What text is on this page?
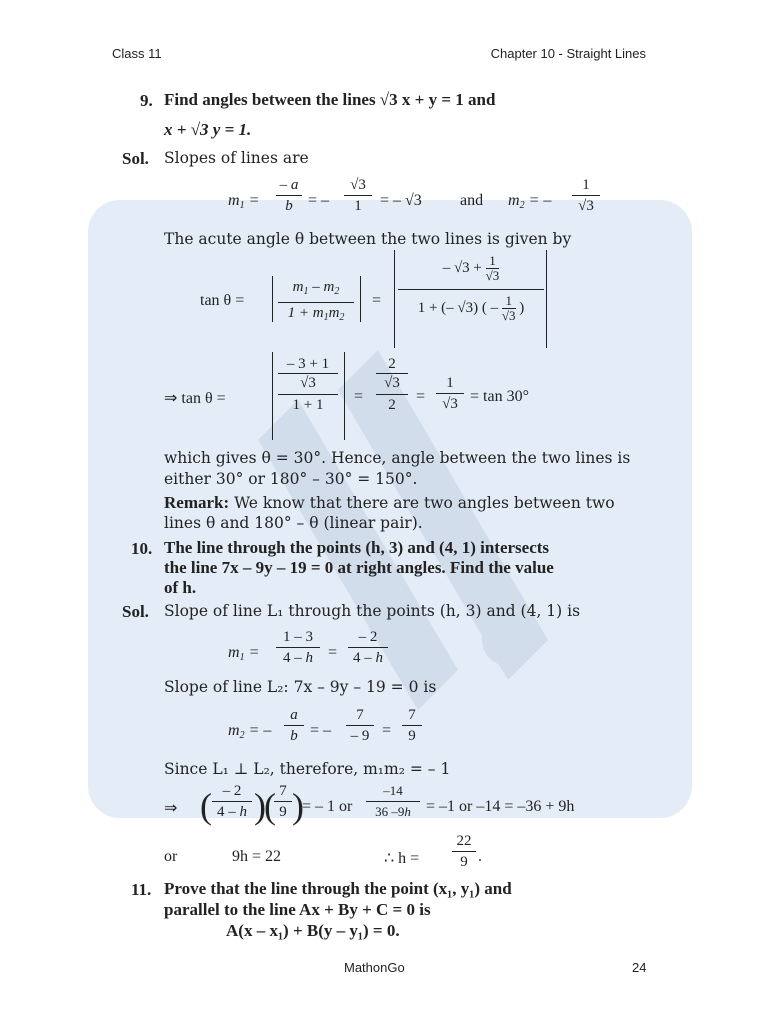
Class 11	Chapter 10 - Straight Lines
9. Find angles between the lines √3 x + y = 1 and
x + √3 y = 1.
Sol. Slopes of lines are
$m_1$ =
– a
b = –
√3
1	= – √3 and $m_2$ = –
1
√3
The acute angle θ between the two lines is given by
tan θ =
$m_1 - m_2$
$1 + m_1m_2$
=
– √3 + 1

√3
1 + (– √3) ( – 1

√3 )
⇒ tan θ =
– 3 + 1
√3
1 + 1	=
2
√3
2	=
1
√3 = tan 30°
which gives θ = 30°. Hence, angle between the two lines is
either 30° or 180° – 30° = 150°.
Remark: We know that there are two angles between two
lines θ and 180° – θ (linear pair).
10. The line through the points (h, 3) and (4, 1) intersects
the line 7x – 9y – 19 = 0 at right angles. Find the value
of h.
Sol. Slope of line L₁ through the points (h, 3) and (4, 1) is
$m_1$ =
1 – 3
4 – h =
– 2
4 – h
Slope of line L₂: 7x – 9y – 19 = 0 is
$m_2$ = –
a
b = –
7
– 9 =
7
9
Since L₁ ⊥ L₂, therefore, m₁m₂ = – 1
⇒ ( – 2
4 – h )
( 7
9 )
= – 1 or
–14
36 –9h = –1 or –14 = –36 + 9h
or	9h = 22	∴ h =
22
9 .
11. Prove that the line through the point (x₁, y₁) and
parallel to the line Ax + By + C = 0 is
A(x – x₁) + B(y – y₁) = 0.
MathonGo	24
